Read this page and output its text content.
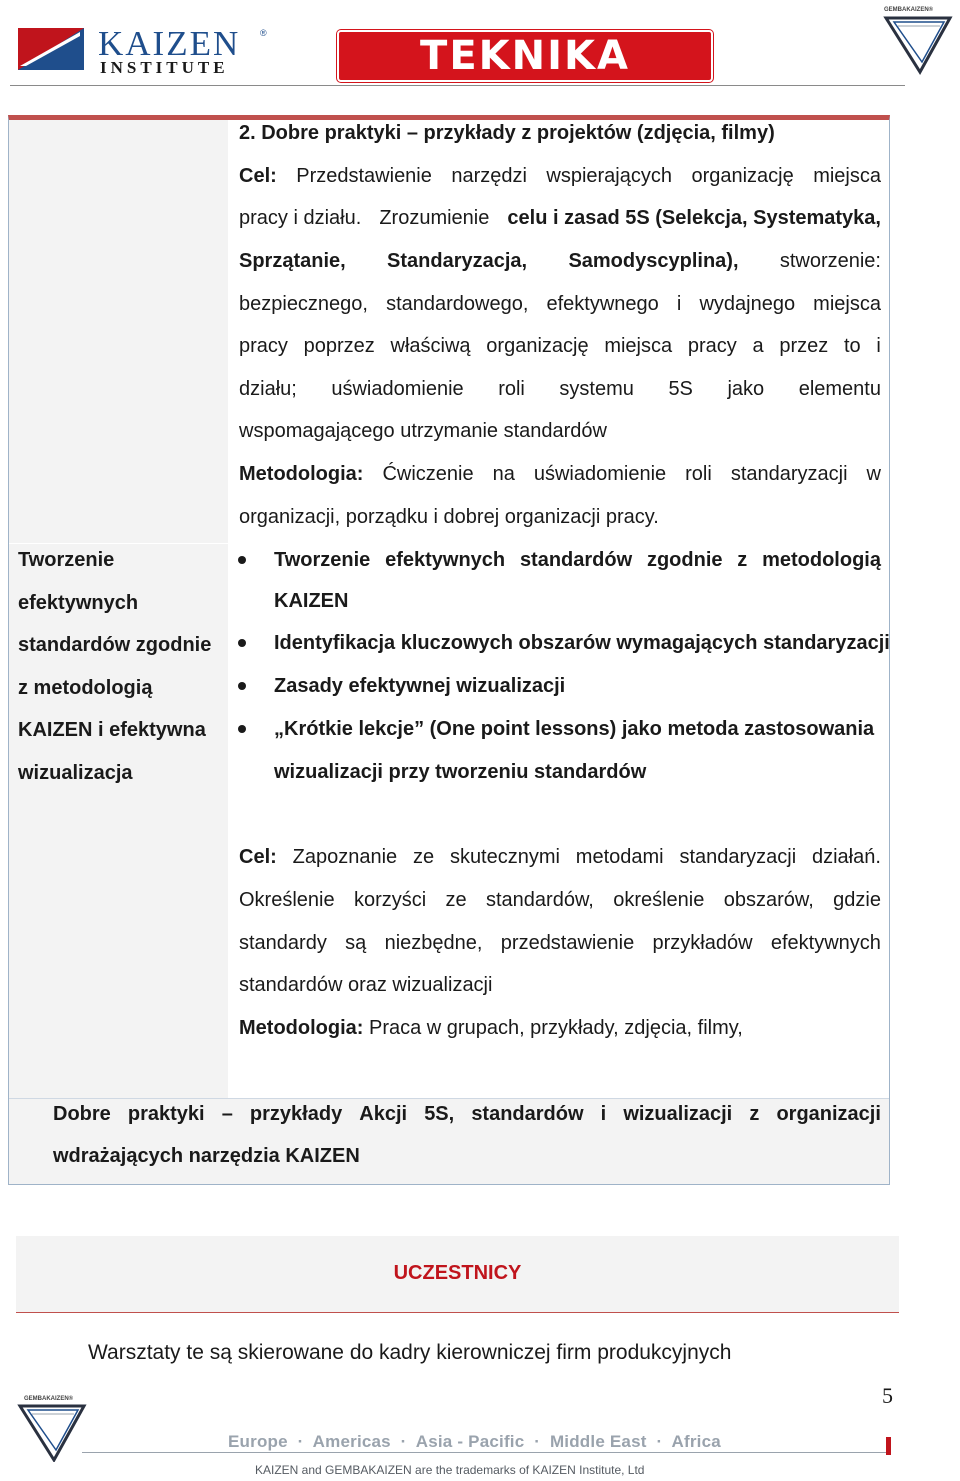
KAIZEN ®
INSTITUTE	TEKNIKA
GEMBAKAIZEN®
2. Dobre praktyki – przykłady z projektów (zdjęcia, filmy)
Cel: Przedstawienie narzędzi wspierających organizację miejsca
pracy i działu. Zrozumienie celu i zasad 5S (Selekcja, Systematyka,
Sprzątanie, Standaryzacja, Samodyscyplina), stworzenie:
bezpiecznego, standardowego, efektywnego i wydajnego miejsca
pracy poprzez właściwą organizację miejsca pracy a przez to i
działu; uświadomienie roli systemu 5S jako elementu
wspomagającego utrzymanie standardów
Metodologia: Ćwiczenie na uświadomienie roli standaryzacji w
organizacji, porządku i dobrej organizacji pracy.
Tworzenie
efektywnych
standardów zgodnie
z metodologią
KAIZEN i efektywna
wizualizacja
Tworzenie efektywnych standardów zgodnie z metodologią
KAIZEN
Identyfikacja kluczowych obszarów wymagających standaryzacji
Zasady efektywnej wizualizacji
„Krótkie lekcje” (One point lessons) jako metoda zastosowania
wizualizacji przy tworzeniu standardów
Cel: Zapoznanie ze skutecznymi metodami standaryzacji działań.
Określenie korzyści ze standardów, określenie obszarów, gdzie
standardy są niezbędne, przedstawienie przykładów efektywnych
standardów oraz wizualizacji
Metodologia: Praca w grupach, przykłady, zdjęcia, filmy,
Dobre praktyki – przykłady Akcji 5S, standardów i wizualizacji z organizacji
wdrażających narzędzia KAIZEN
UCZESTNICY
Warsztaty te są skierowane do kadry kierowniczej firm produkcyjnych
GEMBAKAIZEN®	5
Europe  ·  Americas  ·  Asia - Pacific  ·  Middle East  ·  Africa
KAIZEN and GEMBAKAIZEN are the trademarks of KAIZEN Institute, Ltd
